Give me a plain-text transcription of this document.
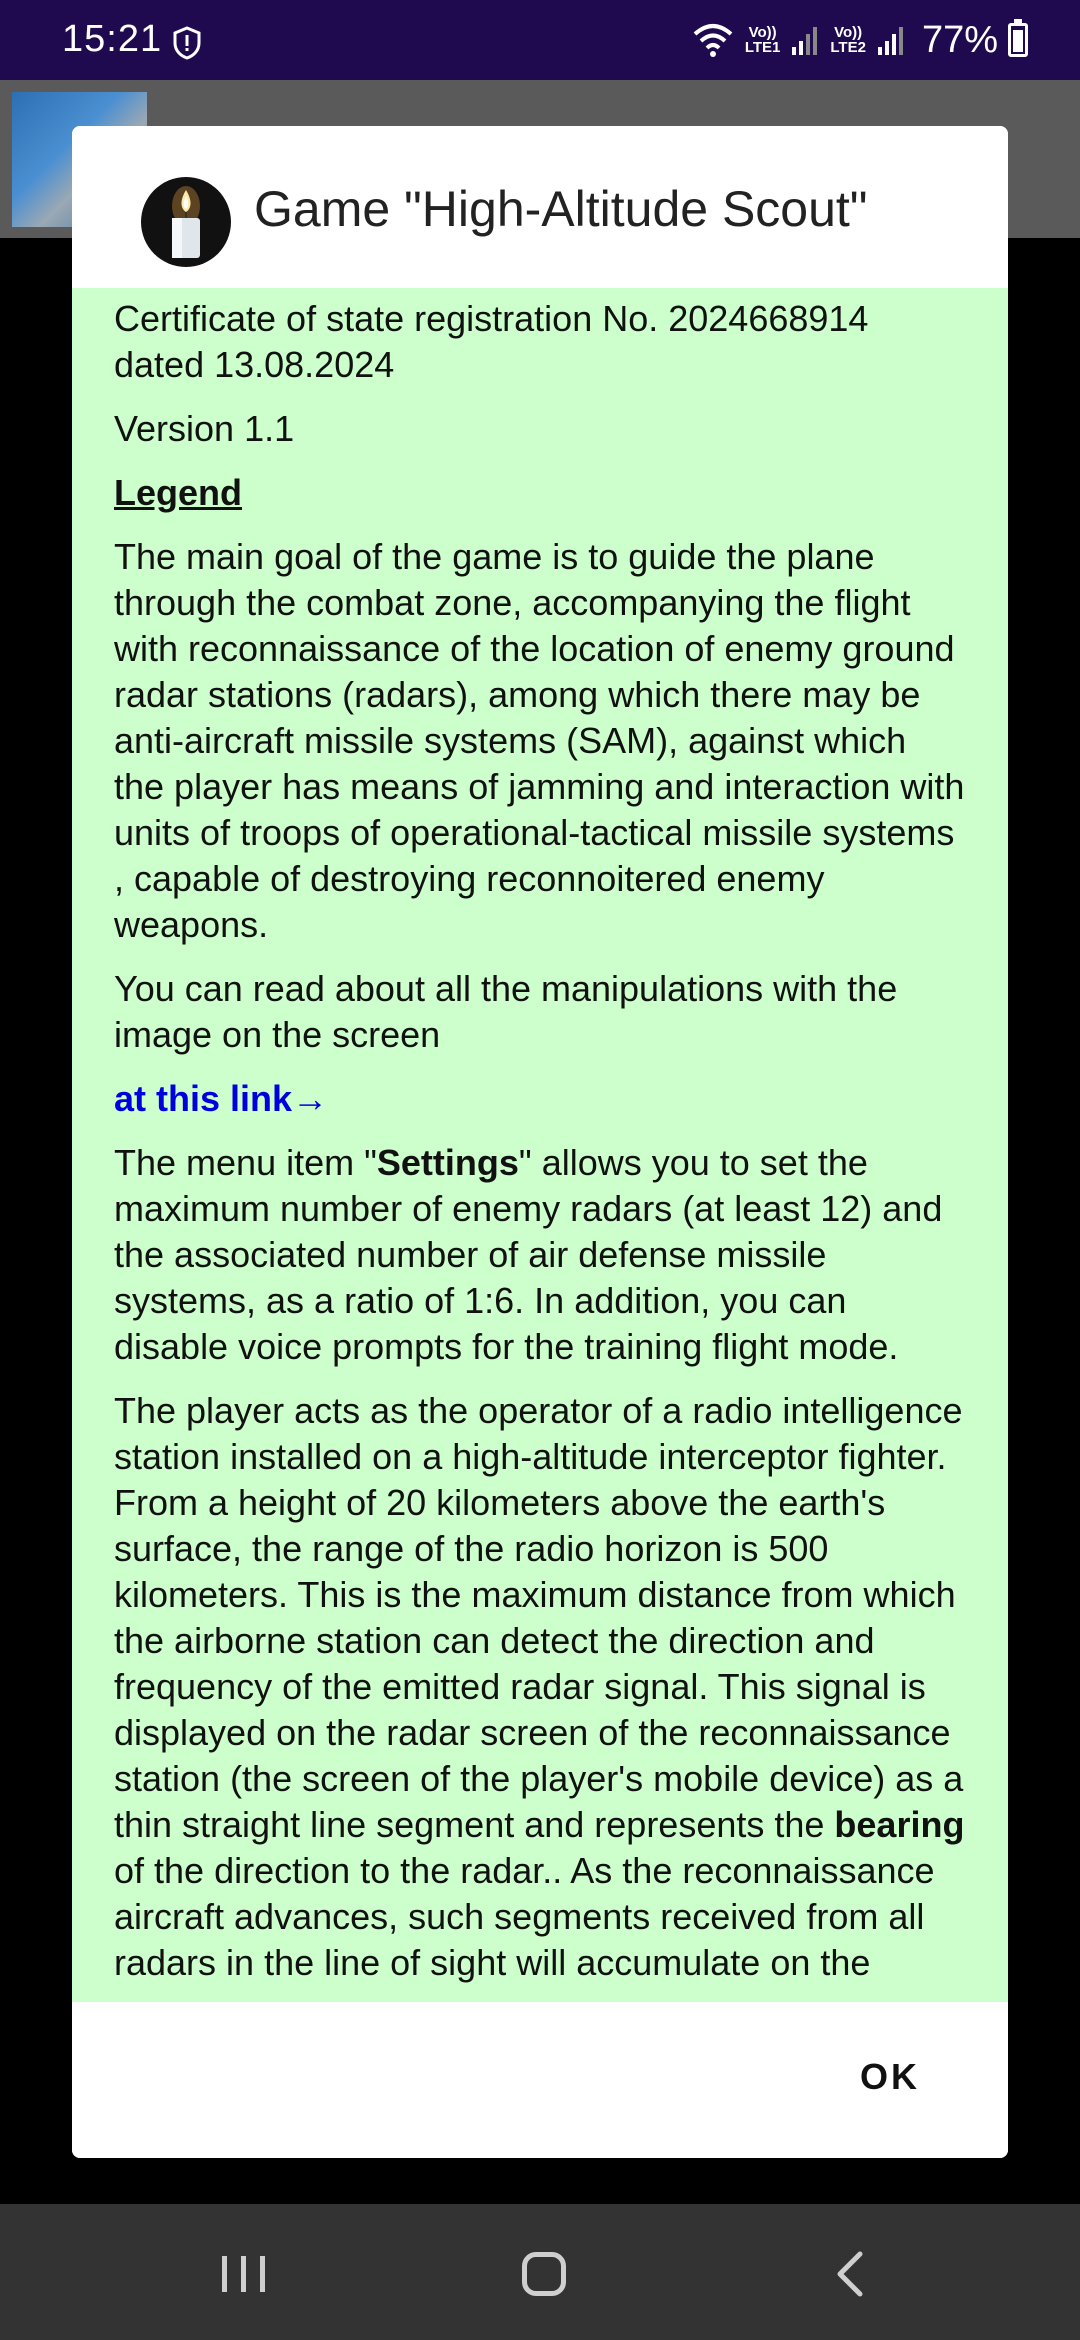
15:21	Vo))
LTE1
Vo))
LTE2 77%
Game "High-Altitude Scout"

Certificate of state registration No. 2024668914 dated 13.08.2024

Version 1.1

Legend

The main goal of the game is to guide the plane through the combat zone, accompanying the flight with reconnaissance of the location of enemy ground radar stations (radars), among which there may be anti-aircraft missile systems (SAM), against which the player has means of jamming and interaction with units of troops of operational-tactical missile systems , capable of destroying reconnoitered enemy weapons.

You can read about all the manipulations with the image on the screen

at this link→

The menu item "Settings" allows you to set the maximum number of enemy radars (at least 12) and the associated number of air defense missile systems, as a ratio of 1:6. In addition, you can disable voice prompts for the training flight mode.

The player acts as the operator of a radio intelligence station installed on a high-altitude interceptor fighter. From a height of 20 kilometers above the earth's surface, the range of the radio horizon is 500 kilometers. This is the maximum distance from which the airborne station can detect the direction and frequency of the emitted radar signal. This signal is displayed on the radar screen of the reconnaissance station (the screen of the player's mobile device) as a thin straight line segment and represents the bearing of the direction to the radar.. As the reconnaissance aircraft advances, such segments received from all radars in the line of sight will accumulate on the

OK
